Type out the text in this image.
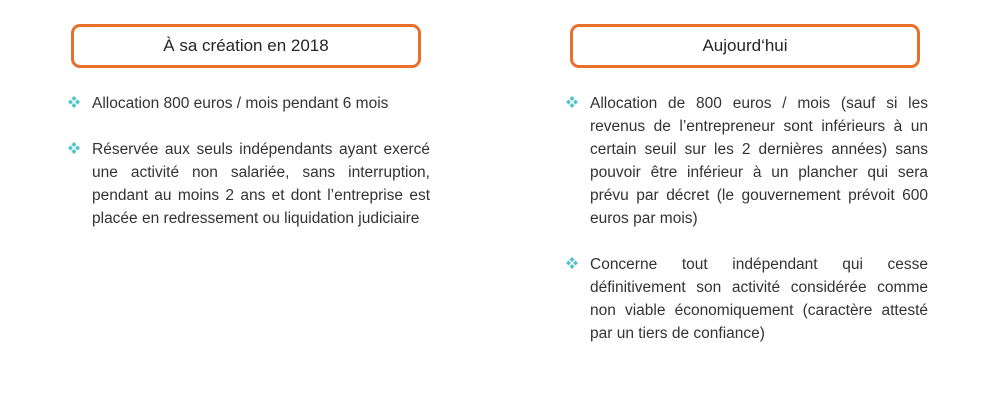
À sa création en 2018
Allocation 800 euros / mois pendant 6 mois
Réservée aux seuls indépendants ayant exercé une activité non salariée, sans interruption, pendant au moins 2 ans et dont l’entreprise est placée en redressement ou liquidation judiciaire
Aujourd‘hui
Allocation de 800 euros / mois (sauf si les revenus de l’entrepreneur sont inférieurs à un certain seuil sur les 2 dernières années) sans pouvoir être inférieur à un plancher qui sera prévu par décret (le gouvernement prévoit 600 euros par mois)
Concerne tout indépendant qui cesse définitivement son activité considérée comme non viable économiquement (caractère attesté par un tiers de confiance)
